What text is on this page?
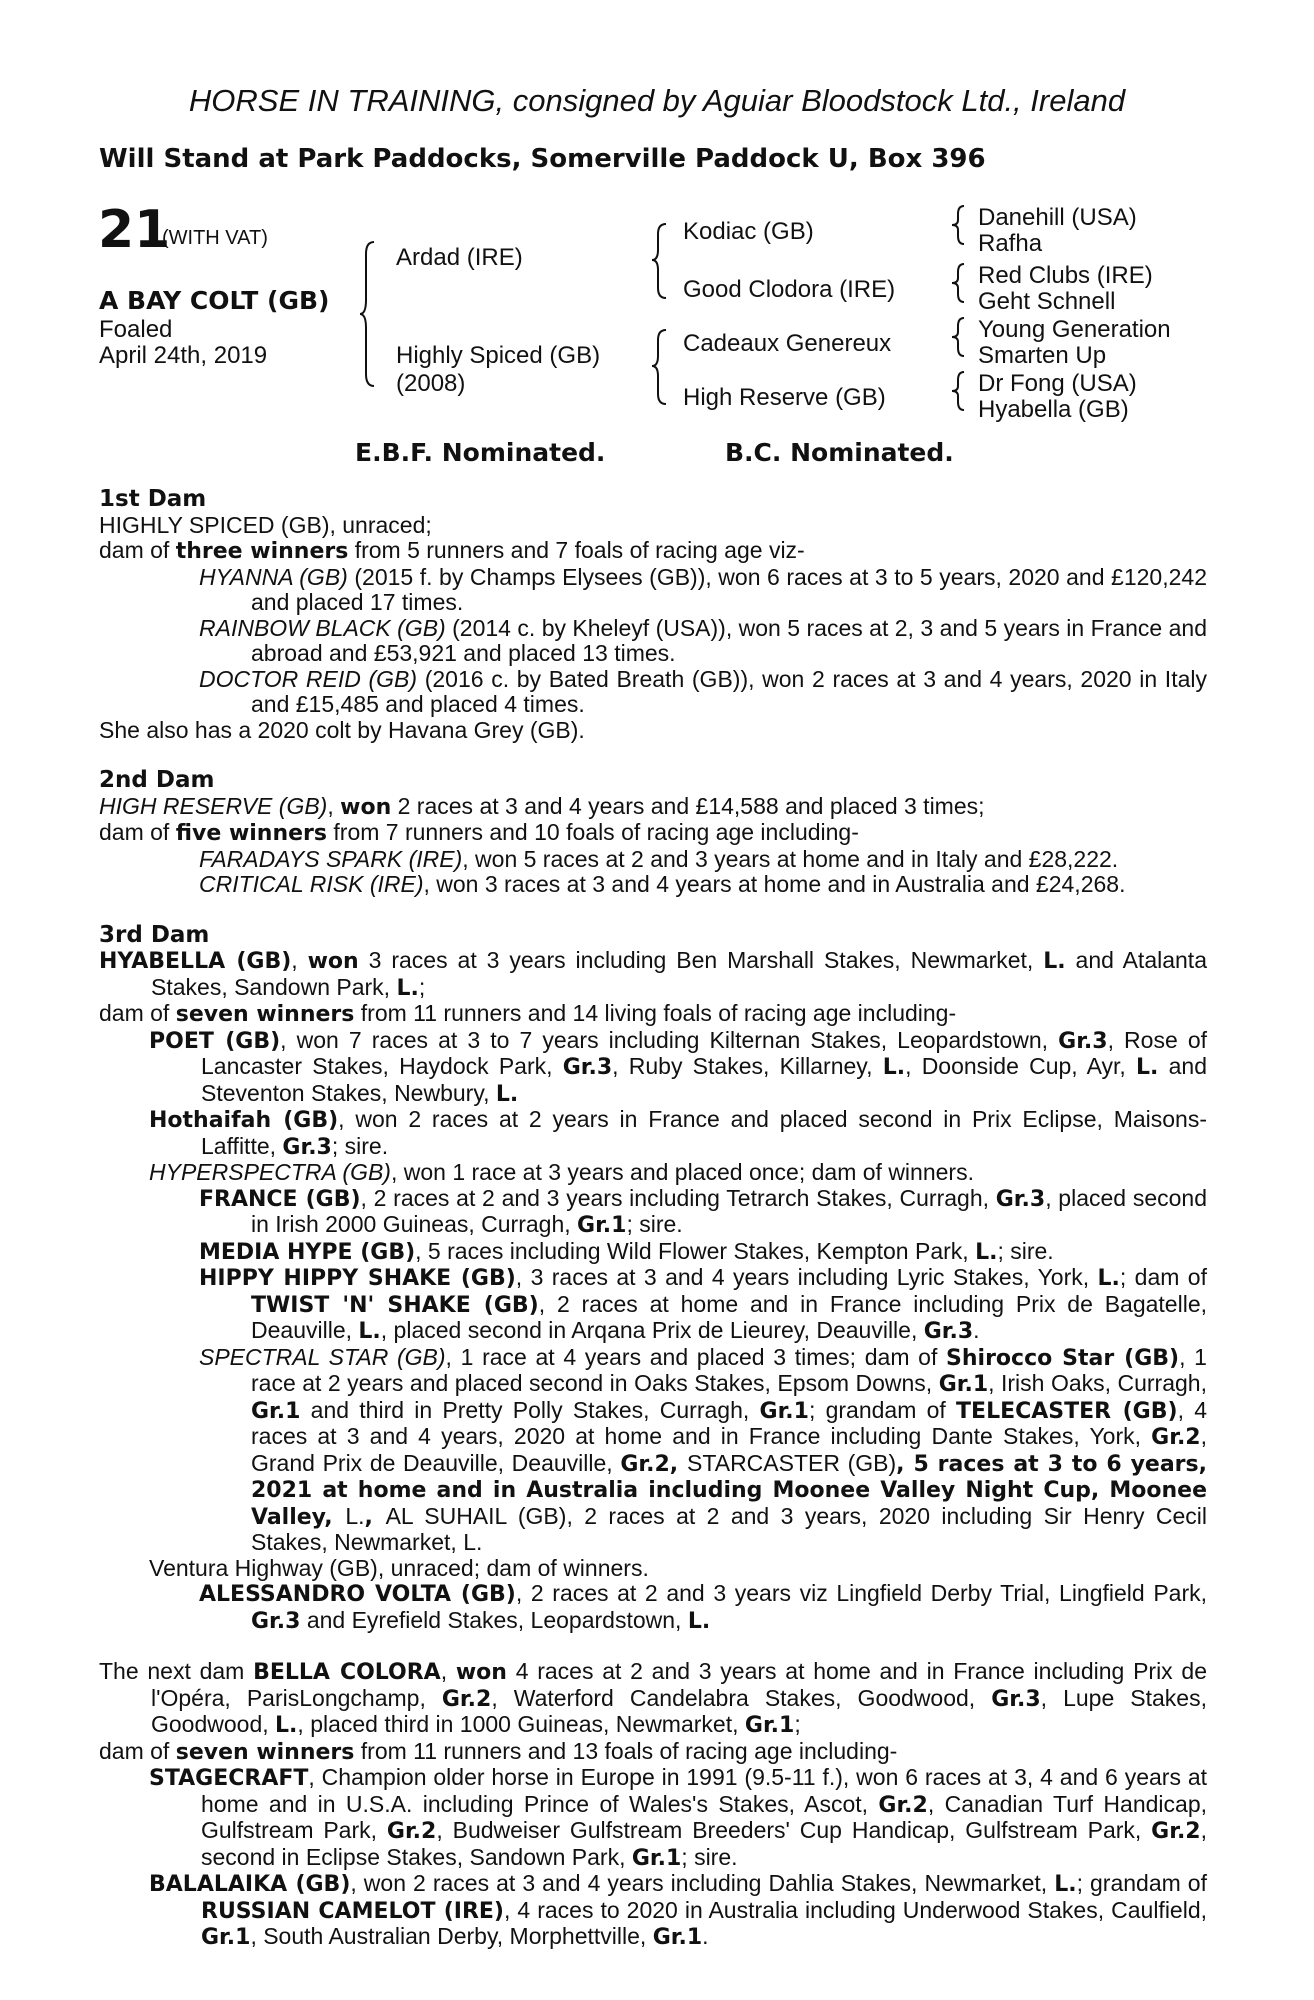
HORSE IN TRAINING, consigned by Aguiar Bloodstock Ltd., Ireland
Will Stand at Park Paddocks, Somerville Paddock U, Box 396
21
(WITH VAT)
A BAY COLT (GB)
Foaled
April 24th, 2019
Ardad (IRE)
Highly Spiced (GB)
(2008)
Kodiac (GB)
Good Clodora (IRE)
Cadeaux Genereux
High Reserve (GB)
Danehill (USA)
Rafha
Red Clubs (IRE)
Geht Schnell
Young Generation
Smarten Up
Dr Fong (USA)
Hyabella (GB)
E.B.F. Nominated.	B.C. Nominated.
1st Dam

HIGHLY SPICED (GB), unraced;

dam of three winners from 5 runners and 7 foals of racing age viz-

HYANNA (GB) (2015 f. by Champs Elysees (GB)), won 6 races at 3 to 5 years, 2020 and £120,242 and placed 17 times.

RAINBOW BLACK (GB) (2014 c. by Kheleyf (USA)), won 5 races at 2, 3 and 5 years in France and abroad and £53,921 and placed 13 times.

DOCTOR REID (GB) (2016 c. by Bated Breath (GB)), won 2 races at 3 and 4 years, 2020 in Italy and £15,485 and placed 4 times.

She also has a 2020 colt by Havana Grey (GB).

2nd Dam

HIGH RESERVE (GB), won 2 races at 3 and 4 years and £14,588 and placed 3 times;

dam of five winners from 7 runners and 10 foals of racing age including-

FARADAYS SPARK (IRE), won 5 races at 2 and 3 years at home and in Italy and £28,222.

CRITICAL RISK (IRE), won 3 races at 3 and 4 years at home and in Australia and £24,268.

3rd Dam

HYABELLA (GB), won 3 races at 3 years including Ben Marshall Stakes, Newmarket, L. and Atalanta Stakes, Sandown Park, L.;

dam of seven winners from 11 runners and 14 living foals of racing age including-

POET (GB), won 7 races at 3 to 7 years including Kilternan Stakes, Leopardstown, Gr.3, Rose of Lancaster Stakes, Haydock Park, Gr.3, Ruby Stakes, Killarney, L., Doonside Cup, Ayr, L. and Steventon Stakes, Newbury, L.

Hothaifah (GB), won 2 races at 2 years in France and placed second in Prix Eclipse, Maisons-Laffitte, Gr.3; sire.

HYPERSPECTRA (GB), won 1 race at 3 years and placed once; dam of winners.

FRANCE (GB), 2 races at 2 and 3 years including Tetrarch Stakes, Curragh, Gr.3, placed second in Irish 2000 Guineas, Curragh, Gr.1; sire.

MEDIA HYPE (GB), 5 races including Wild Flower Stakes, Kempton Park, L.; sire.

HIPPY HIPPY SHAKE (GB), 3 races at 3 and 4 years including Lyric Stakes, York, L.; dam of TWIST 'N' SHAKE (GB), 2 races at home and in France including Prix de Bagatelle, Deauville, L., placed second in Arqana Prix de Lieurey, Deauville, Gr.3.

SPECTRAL STAR (GB), 1 race at 4 years and placed 3 times; dam of Shirocco Star (GB), 1 race at 2 years and placed second in Oaks Stakes, Epsom Downs, Gr.1, Irish Oaks, Curragh, Gr.1 and third in Pretty Polly Stakes, Curragh, Gr.1; grandam of TELECASTER (GB), 4 races at 3 and 4 years, 2020 at home and in France including Dante Stakes, York, Gr.2, Grand Prix de Deauville, Deauville, Gr.2, STARCASTER (GB), 5 races at 3 to 6 years, 2021 at home and in Australia including Moonee Valley Night Cup, Moonee Valley, L., AL SUHAIL (GB), 2 races at 2 and 3 years, 2020 including Sir Henry Cecil Stakes, Newmarket, L.

Ventura Highway (GB), unraced; dam of winners.

ALESSANDRO VOLTA (GB), 2 races at 2 and 3 years viz Lingfield Derby Trial, Lingfield Park, Gr.3 and Eyrefield Stakes, Leopardstown, L.

The next dam BELLA COLORA, won 4 races at 2 and 3 years at home and in France including Prix de l'Opéra, ParisLongchamp, Gr.2, Waterford Candelabra Stakes, Goodwood, Gr.3, Lupe Stakes, Goodwood, L., placed third in 1000 Guineas, Newmarket, Gr.1;

dam of seven winners from 11 runners and 13 foals of racing age including-

STAGECRAFT, Champion older horse in Europe in 1991 (9.5-11 f.), won 6 races at 3, 4 and 6 years at home and in U.S.A. including Prince of Wales's Stakes, Ascot, Gr.2, Canadian Turf Handicap, Gulfstream Park, Gr.2, Budweiser Gulfstream Breeders' Cup Handicap, Gulfstream Park, Gr.2, second in Eclipse Stakes, Sandown Park, Gr.1; sire.

BALALAIKA (GB), won 2 races at 3 and 4 years including Dahlia Stakes, Newmarket, L.; grandam of RUSSIAN CAMELOT (IRE), 4 races to 2020 in Australia including Underwood Stakes, Caulfield, Gr.1, South Australian Derby, Morphettville, Gr.1.
